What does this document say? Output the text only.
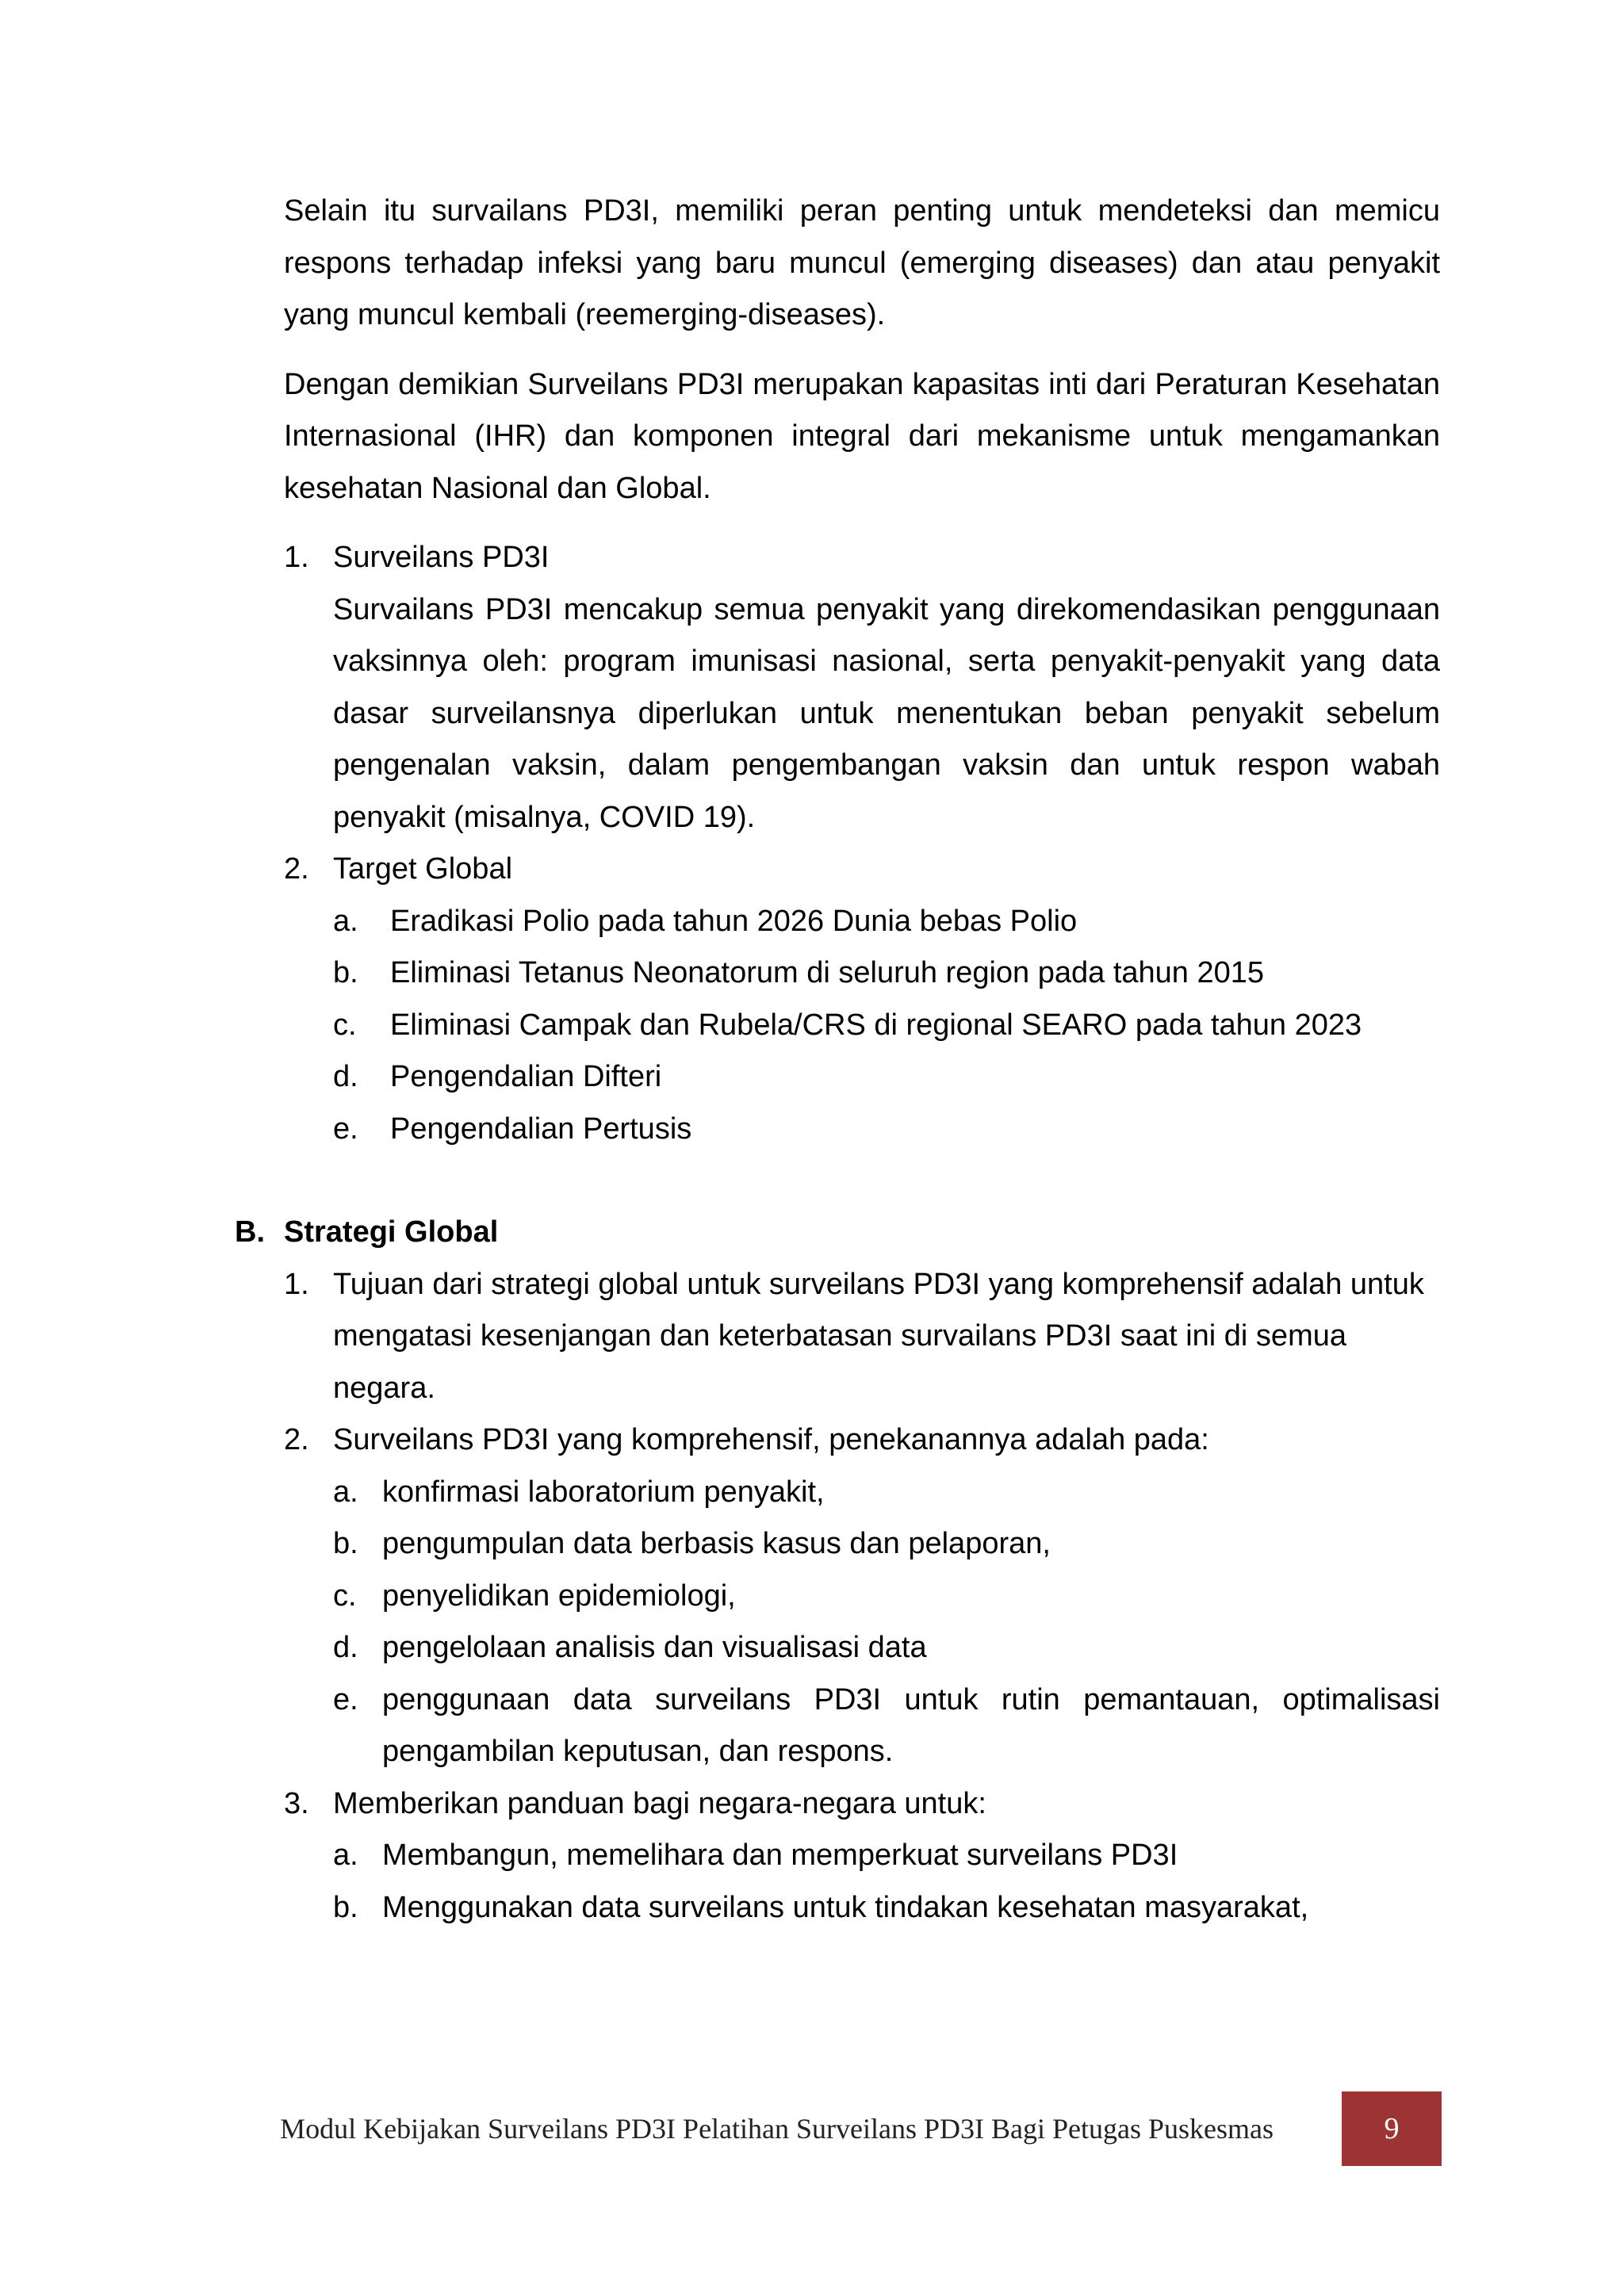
Selain itu survailans PD3I, memiliki peran penting untuk mendeteksi dan memicu respons terhadap infeksi yang baru muncul (emerging diseases) dan atau penyakit yang muncul kembali (reemerging-diseases).

Dengan demikian Surveilans PD3I merupakan kapasitas inti dari Peraturan Kesehatan Internasional (IHR) dan komponen integral dari mekanisme untuk mengamankan kesehatan Nasional dan Global.

1. Surveilans PD3I
Survailans PD3I mencakup semua penyakit yang direkomendasikan penggunaan vaksinnya oleh: program imunisasi nasional, serta penyakit-penyakit yang data dasar surveilansnya diperlukan untuk menentukan beban penyakit sebelum pengenalan vaksin, dalam pengembangan vaksin dan untuk respon wabah penyakit (misalnya, COVID 19).
2. Target Global
a. Eradikasi Polio pada tahun 2026 Dunia bebas Polio
b. Eliminasi Tetanus Neonatorum di seluruh region pada tahun 2015
c. Eliminasi Campak dan Rubela/CRS di regional SEARO pada tahun 2023
d. Pengendalian Difteri
e. Pengendalian Pertusis
B. Strategi Global
1. Tujuan dari strategi global untuk surveilans PD3I yang komprehensif adalah untuk mengatasi kesenjangan dan keterbatasan survailans PD3I saat ini di semua negara.
2. Surveilans PD3I yang komprehensif, penekanannya adalah pada:
a. konfirmasi laboratorium penyakit,
b. pengumpulan data berbasis kasus dan pelaporan,
c. penyelidikan epidemiologi,
d. pengelolaan analisis dan visualisasi data
e. penggunaan data surveilans PD3I untuk rutin pemantauan, optimalisasi pengambilan keputusan, dan respons.
3. Memberikan panduan bagi negara-negara untuk:
a. Membangun, memelihara dan memperkuat surveilans PD3I
b. Menggunakan data surveilans untuk tindakan kesehatan masyarakat,
Modul Kebijakan Surveilans PD3I Pelatihan Surveilans PD3I Bagi Petugas Puskesmas	9
